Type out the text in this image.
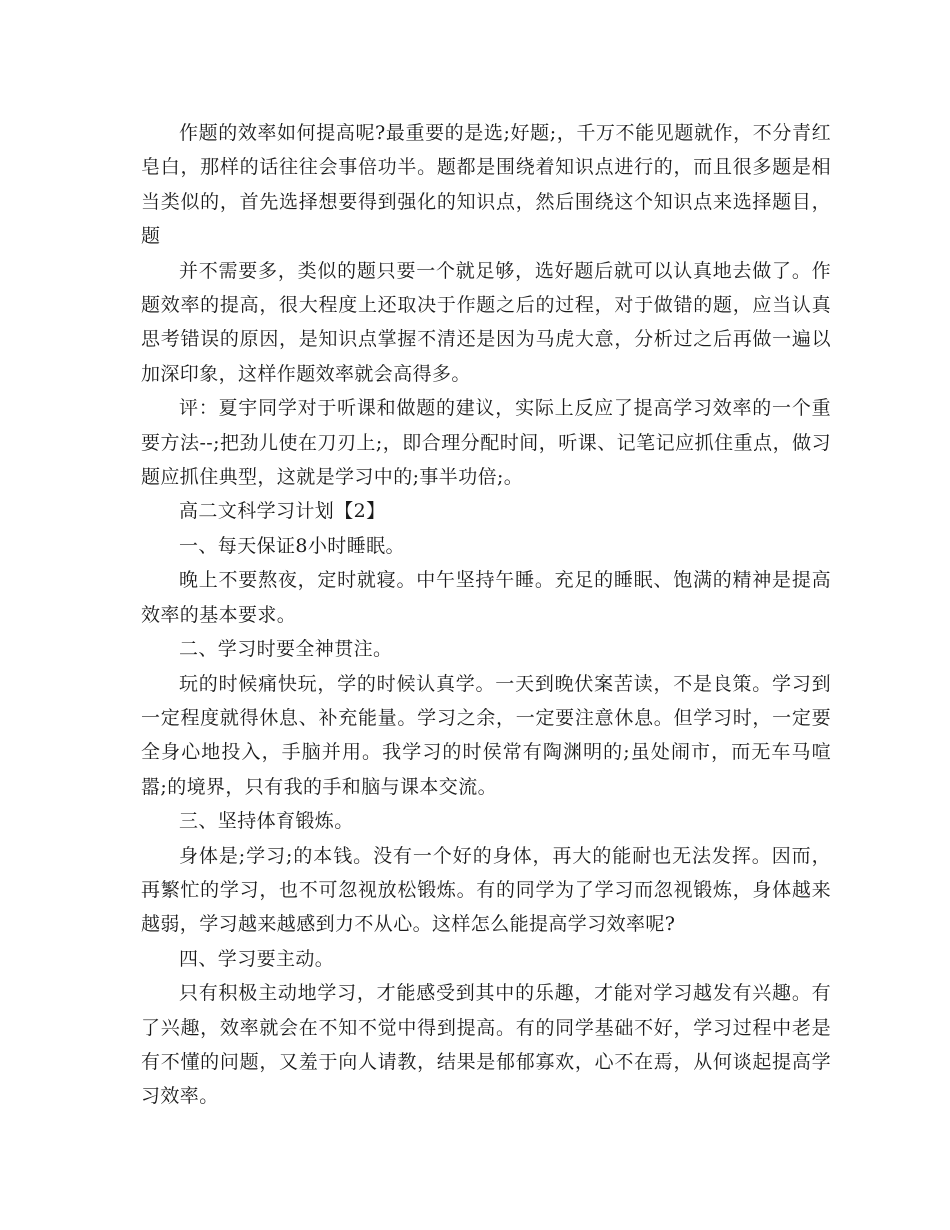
作题的效率如何提高呢?最重要的是选;好题;，千万不能见题就作，不分青红皂白，那样的话往往会事倍功半。题都是围绕着知识点进行的，而且很多题是相当类似的，首先选择想要得到强化的知识点，然后围绕这个知识点来选择题目，题

并不需要多，类似的题只要一个就足够，选好题后就可以认真地去做了。作题效率的提高，很大程度上还取决于作题之后的过程，对于做错的题，应当认真思考错误的原因，是知识点掌握不清还是因为马虎大意，分析过之后再做一遍以加深印象，这样作题效率就会高得多。

评：夏宇同学对于听课和做题的建议，实际上反应了提高学习效率的一个重要方法--;把劲儿使在刀刃上;，即合理分配时间，听课、记笔记应抓住重点，做习题应抓住典型，这就是学习中的;事半功倍;。

高二文科学习计划【2】

一、每天保证8小时睡眠。

晚上不要熬夜，定时就寝。中午坚持午睡。充足的睡眠、饱满的精神是提高效率的基本要求。

二、学习时要全神贯注。

玩的时候痛快玩，学的时候认真学。一天到晚伏案苦读，不是良策。学习到一定程度就得休息、补充能量。学习之余，一定要注意休息。但学习时，一定要全身心地投入，手脑并用。我学习的时侯常有陶渊明的;虽处闹市，而无车马喧嚣;的境界，只有我的手和脑与课本交流。

三、坚持体育锻炼。

身体是;学习;的本钱。没有一个好的身体，再大的能耐也无法发挥。因而，再繁忙的学习，也不可忽视放松锻炼。有的同学为了学习而忽视锻炼，身体越来越弱，学习越来越感到力不从心。这样怎么能提高学习效率呢?

四、学习要主动。

只有积极主动地学习，才能感受到其中的乐趣，才能对学习越发有兴趣。有了兴趣，效率就会在不知不觉中得到提高。有的同学基础不好，学习过程中老是有不懂的问题，又羞于向人请教，结果是郁郁寡欢，心不在焉，从何谈起提高学习效率。
